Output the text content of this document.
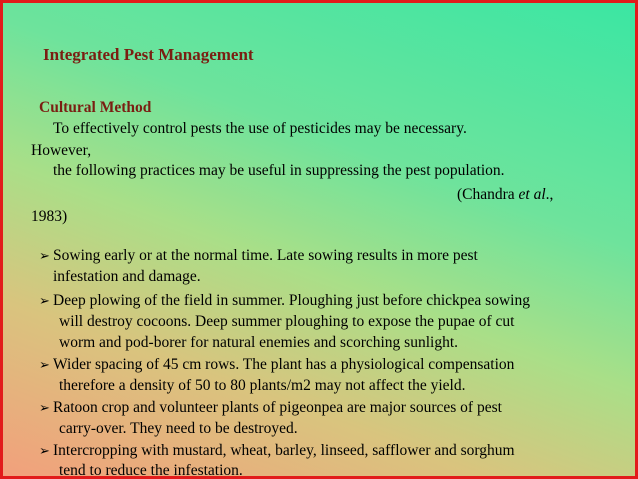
Integrated Pest Management
Cultural Method
To effectively control pests the use of pesticides may be necessary.
However,
the following practices may be useful in suppressing the pest population.
(Chandra et al.,
1983)
➢ Sowing early or at the normal time. Late sowing results in more pest
infestation and damage.
➢ Deep plowing of the field in summer. Ploughing just before chickpea sowing
will destroy cocoons. Deep summer ploughing to expose the pupae of cut
worm and pod-borer for natural enemies and scorching sunlight.
➢ Wider spacing of 45 cm rows. The plant has a physiological compensation
therefore a density of 50 to 80 plants/m2 may not affect the yield.
➢ Ratoon crop and volunteer plants of pigeonpea are major sources of pest
carry-over. They need to be destroyed.
➢ Intercropping with mustard, wheat, barley, linseed, safflower and sorghum
tend to reduce the infestation.
